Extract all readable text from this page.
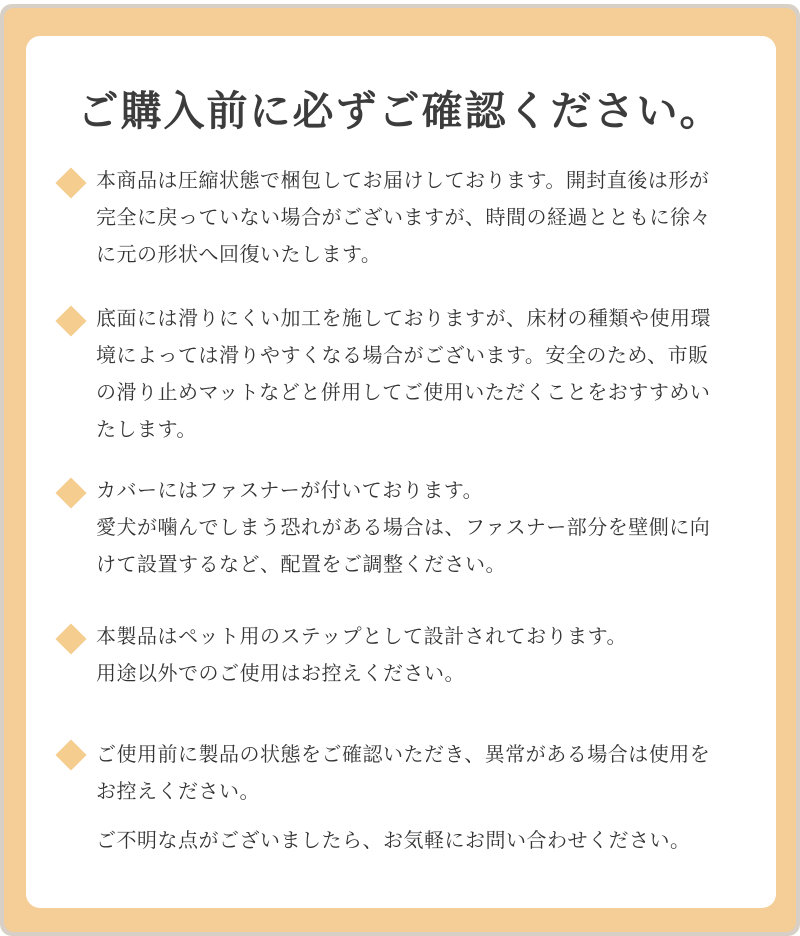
ご購入前に必ずご確認ください。
本商品は圧縮状態で梱包してお届けしております。開封直後は形が
完全に戻っていない場合がございますが、時間の経過とともに徐々
に元の形状へ回復いたします。
底面には滑りにくい加工を施しておりますが、床材の種類や使用環
境によっては滑りやすくなる場合がございます。安全のため、市販
の滑り止めマットなどと併用してご使用いただくことをおすすめい
たします。
カバーにはファスナーが付いております。
愛犬が噛んでしまう恐れがある場合は、ファスナー部分を壁側に向
けて設置するなど、配置をご調整ください。
本製品はペット用のステップとして設計されております。
用途以外でのご使用はお控えください。
ご使用前に製品の状態をご確認いただき、異常がある場合は使用を
お控えください。
ご不明な点がございましたら、お気軽にお問い合わせください。
